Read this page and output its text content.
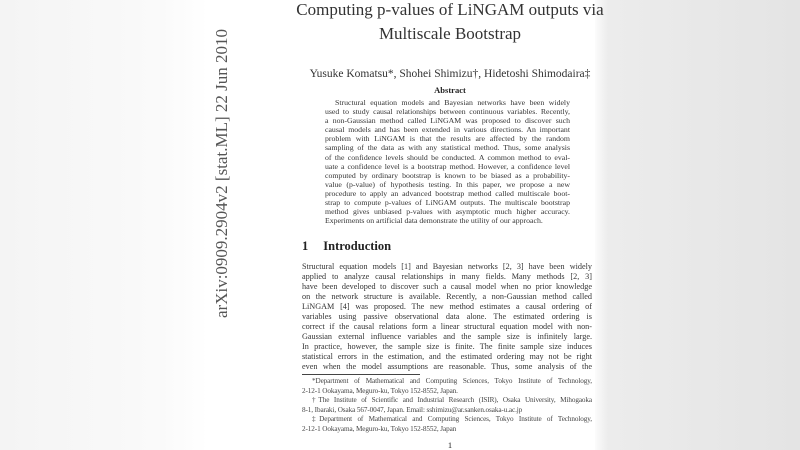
arXiv:0909.2904v2 [stat.ML] 22 Jun 2010
Computing p-values of LiNGAM outputs via
Multiscale Bootstrap
Yusuke Komatsu*, Shohei Shimizu†, Hidetoshi Shimodaira‡
Abstract
Structural equation models and Bayesian networks have been widely
used to study causal relationships between continuous variables. Recently,
a non-Gaussian method called LiNGAM was proposed to discover such
causal models and has been extended in various directions. An important
problem with LiNGAM is that the results are affected by the random
sampling of the data as with any statistical method. Thus, some analysis
of the confidence levels should be conducted. A common method to eval-
uate a confidence level is a bootstrap method. However, a confidence level
computed by ordinary bootstrap is known to be biased as a probability-
value (p-value) of hypothesis testing. In this paper, we propose a new
procedure to apply an advanced bootstrap method called multiscale boot-
strap to compute p-values of LiNGAM outputs. The multiscale bootstrap
method gives unbiased p-values with asymptotic much higher accuracy.
Experiments on artificial data demonstrate the utility of our approach.
1 Introduction
Structural equation models [1] and Bayesian networks [2, 3] have been widely
applied to analyze causal relationships in many fields. Many methods [2, 3]
have been developed to discover such a causal model when no prior knowledge
on the network structure is available. Recently, a non-Gaussian method called
LiNGAM [4] was proposed. The new method estimates a causal ordering of
variables using passive observational data alone. The estimated ordering is
correct if the causal relations form a linear structural equation model with non-
Gaussian external influence variables and the sample size is infinitely large.
In practice, however, the sample size is finite. The finite sample size induces
statistical errors in the estimation, and the estimated ordering may not be right
even when the model assumptions are reasonable. Thus, some analysis of the
*Department of Mathematical and Computing Sciences, Tokyo Institute of Technology,
2-12-1 Ookayama, Meguro-ku, Tokyo 152-8552, Japan.
†The Institute of Scientific and Industrial Research (ISIR), Osaka University, Mihogaoka
8-1, Ibaraki, Osaka 567-0047, Japan. Email: sshimizu@ar.sanken.osaka-u.ac.jp
‡Department of Mathematical and Computing Sciences, Tokyo Institute of Technology,
2-12-1 Ookayama, Meguro-ku, Tokyo 152-8552, Japan
1
